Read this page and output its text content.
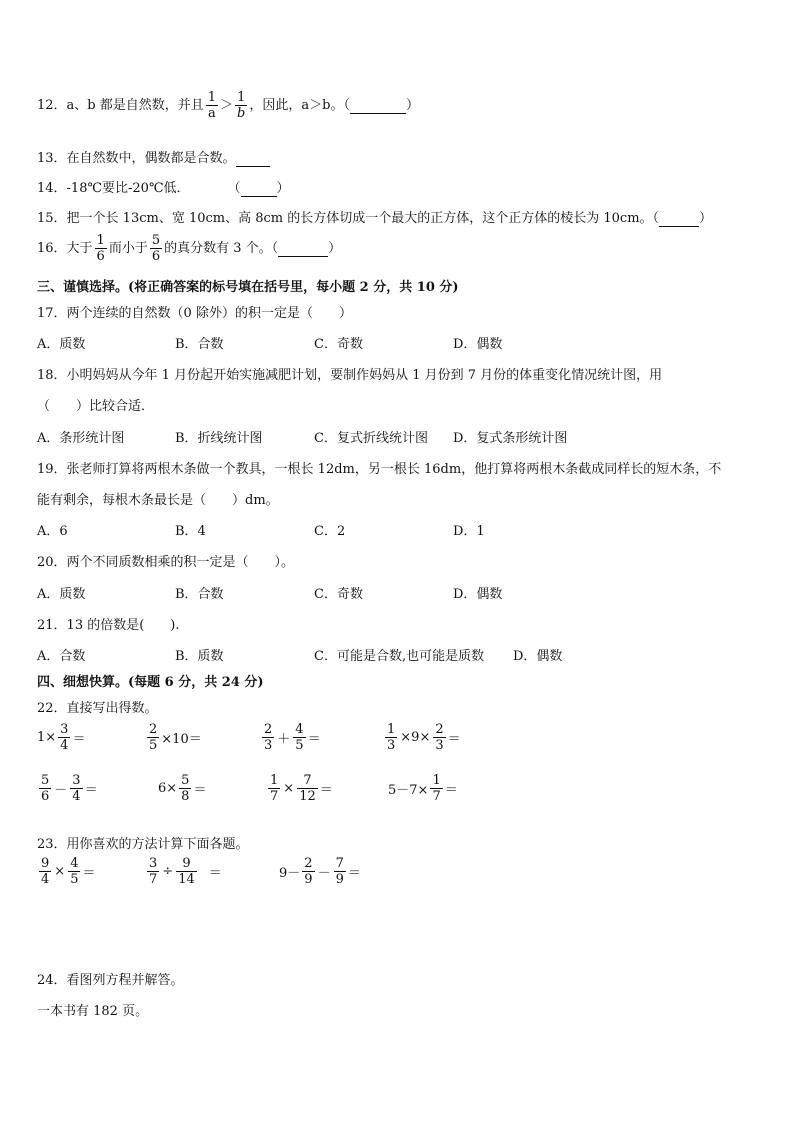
12．a、b 都是自然数，并且 $\frac{1}{a} > \frac{1}{b}$ ，因此，a＞b。（	）
13．在自然数中，偶数都是合数。
14．-18℃要比-20℃低．	（	）
15．把一个长 13cm、宽 10cm、高 8cm 的长方体切成一个最大的正方体，这个正方体的棱长为 10cm。（	）
16．大于 $\frac{1}{6}$ 而小于 $\frac{5}{6}$ 的真分数有 3 个。（	）
三、谨慎选择。(将正确答案的标号填在括号里，每小题 2 分，共 10 分)
17．两个连续的自然数（0 除外）的积一定是（　　）
A．质数	B．合数	C．奇数	D．偶数
18．小明妈妈从今年 1 月份起开始实施减肥计划，要制作妈妈从 1 月份到 7 月份的体重变化情况统计图，用
（　　）比较合适．
A．条形统计图	B．折线统计图	C．复式折线统计图 D．复式条形统计图
19．张老师打算将两根木条做一个教具，一根长 12dm，另一根长 16dm，他打算将两根木条截成同样长的短木条，不
能有剩余，每根木条最长是（　　）dm。
A．6	B．4	C．2	D．1
20．两个不同质数相乘的积一定是（　　）。
A．质数	B．合数	C．奇数	D．偶数
21．13 的倍数是(　　).
A．合数	B．质数	C．可能是合数,也可能是质数 D．偶数
四、细想快算。(每题 6 分，共 24 分)
22．直接写出得数。
$1\times \frac{3}{4}$ ＝	$\frac{2}{5} \times 10=$	$\frac{2}{3} + \frac{4}{5}$ ＝	$\frac{1}{3} \times 9\times \frac{2}{3}$ ＝
$\frac{5}{6} - \frac{3}{4}$ ＝	$6\times \frac{5}{8}$ ＝	$\frac{1}{7} \times \frac{7}{12}$ ＝	$5-7\times \frac{1}{7}$ ＝
23．用你喜欢的方法计算下面各题。
$\frac{9}{4} \times \frac{4}{5}$ ＝	$\frac{3}{7} \div \frac{9}{14}$ ＝	$9- \frac{2}{9} - \frac{7}{9}$ ＝
24．看图列方程并解答。
一本书有 182 页。
